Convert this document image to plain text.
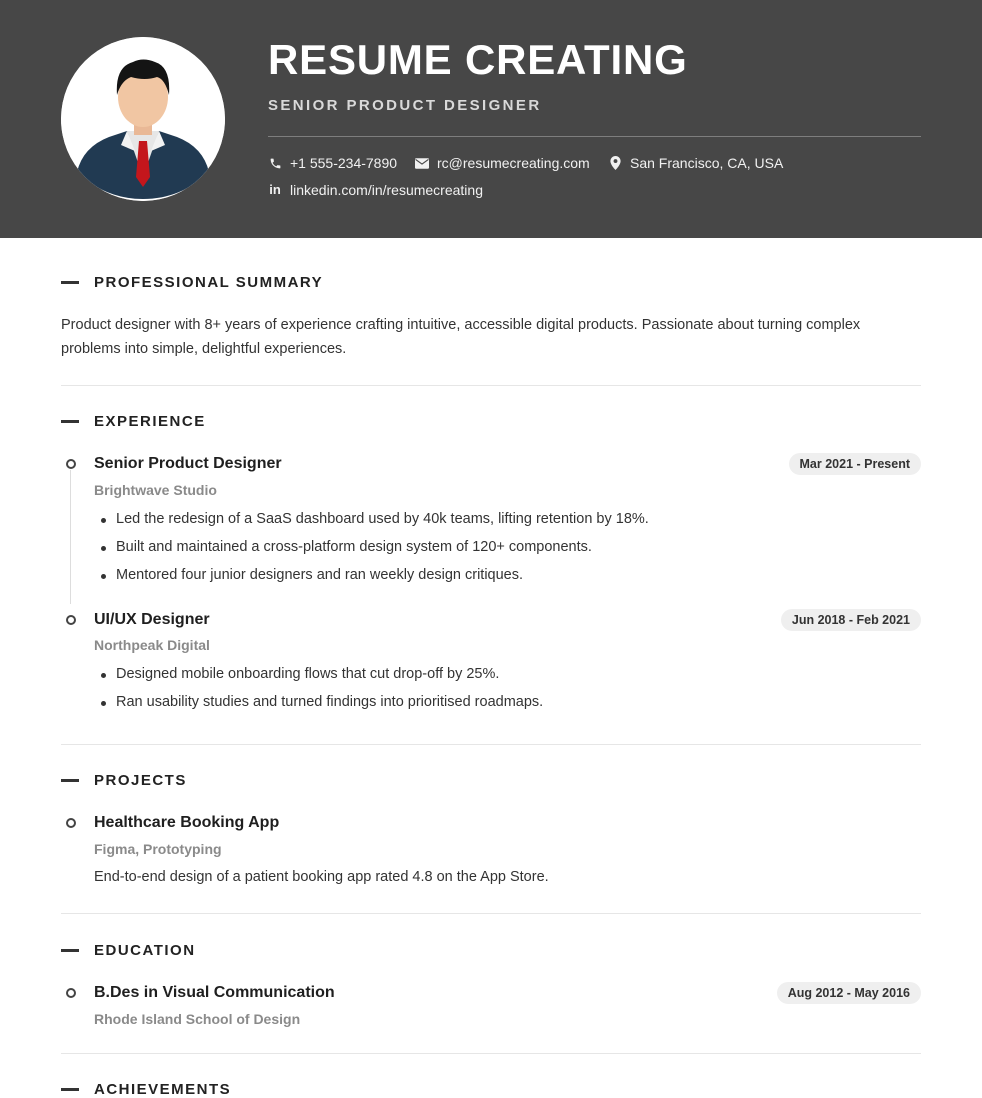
RESUME CREATING
SENIOR PRODUCT DESIGNER
+1 555-234-7890	rc@resumecreating.com	San Francisco, CA, USA
in linkedin.com/in/resumecreating
PROFESSIONAL SUMMARY
Product designer with 8+ years of experience crafting intuitive, accessible digital products. Passionate about turning complex
problems into simple, delightful experiences.
EXPERIENCE
Senior Product Designer	Mar 2021 - Present
Brightwave Studio
Led the redesign of a SaaS dashboard used by 40k teams, lifting retention by 18%.
Built and maintained a cross-platform design system of 120+ components.
Mentored four junior designers and ran weekly design critiques.
UI/UX Designer	Jun 2018 - Feb 2021
Northpeak Digital
Designed mobile onboarding flows that cut drop-off by 25%.
Ran usability studies and turned findings into prioritised roadmaps.
PROJECTS
Healthcare Booking App
Figma, Prototyping
End-to-end design of a patient booking app rated 4.8 on the App Store.
EDUCATION
B.Des in Visual Communication	Aug 2012 - May 2016
Rhode Island School of Design
ACHIEVEMENTS
